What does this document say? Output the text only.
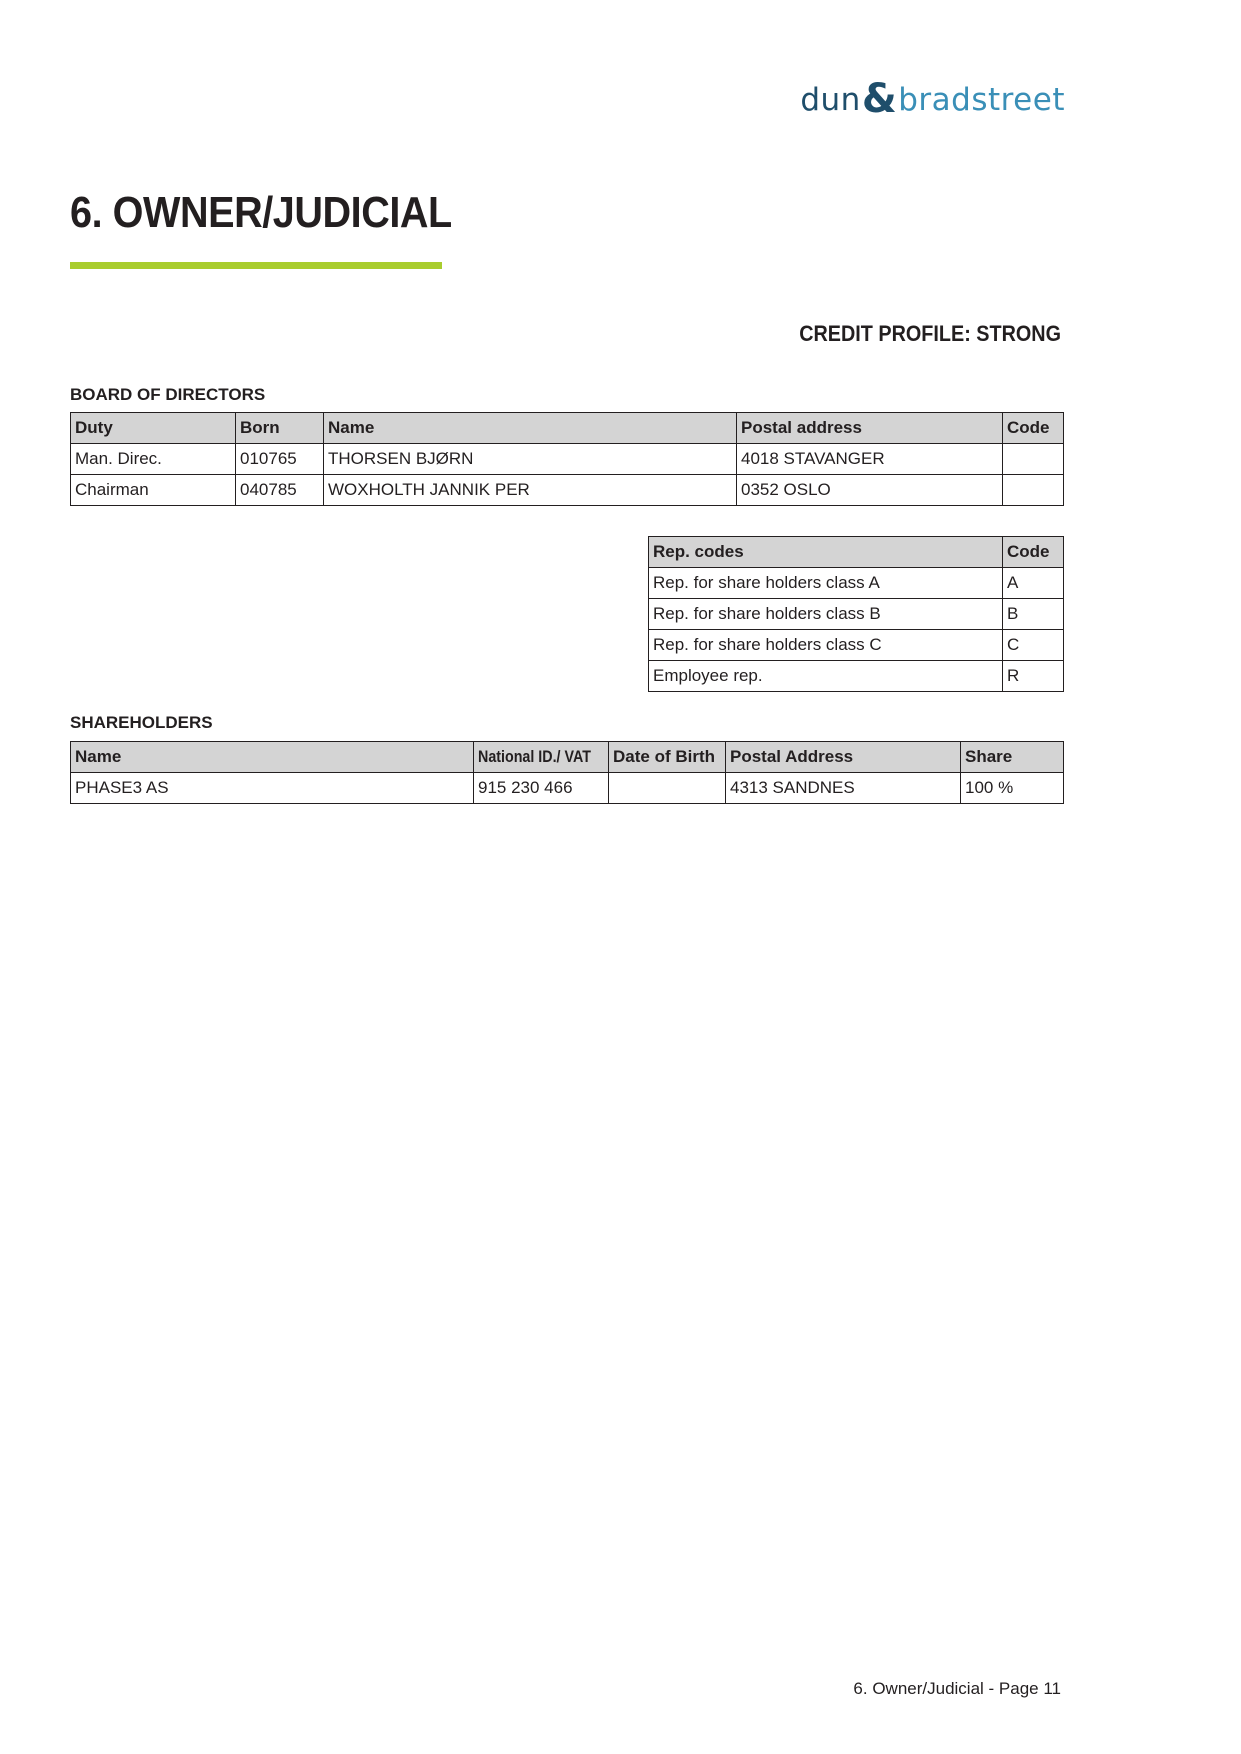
dun & bradstreet
6. OWNER/JUDICIAL
CREDIT PROFILE: STRONG
BOARD OF DIRECTORS
Duty	Born	Name	Postal address	Code
Man. Direc.	010765	THORSEN BJØRN	4018 STAVANGER	
Chairman	040785	WOXHOLTH JANNIK PER	0352 OSLO	
Rep. codes	Code
Rep. for share holders class A	A
Rep. for share holders class B	B
Rep. for share holders class C	C
Employee rep.	R
SHAREHOLDERS
Name	National ID./ VAT	Date of Birth	Postal Address	Share
PHASE3 AS	915 230 466		4313 SANDNES	100 %
6. Owner/Judicial - Page 11
